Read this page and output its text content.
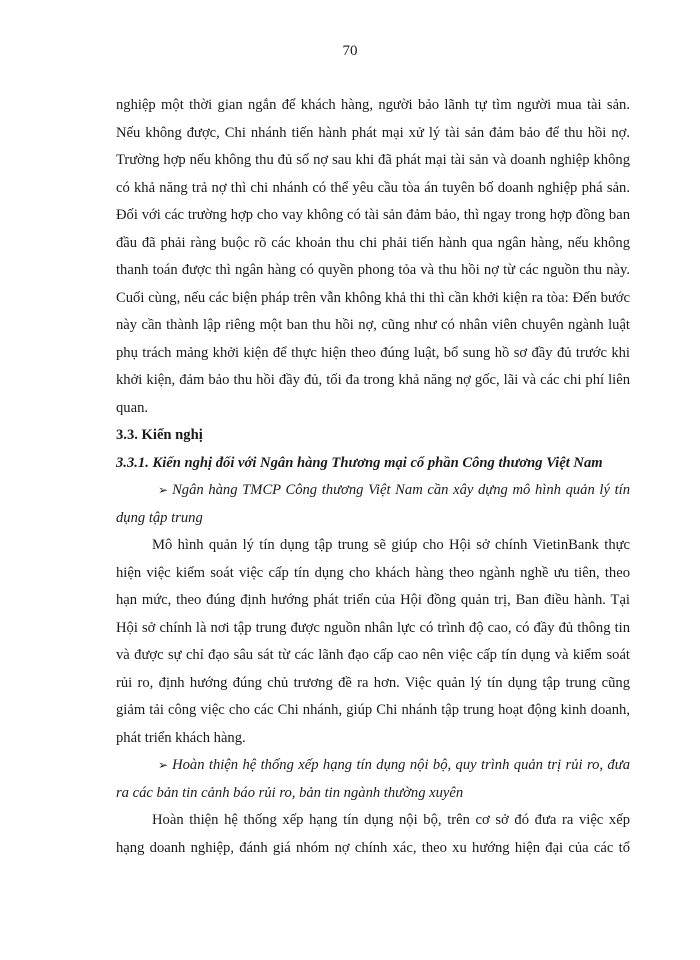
70
nghiệp một thời gian ngắn để khách hàng, người bảo lãnh tự tìm người mua tài sản.
Nếu không được, Chi nhánh tiến hành phát mại xử lý tài sản đảm bảo để thu hồi nợ.
Trường hợp nếu không thu đủ số nợ sau khi đã phát mại tài sản và doanh nghiệp không
có khả năng trả nợ thì chi nhánh có thể yêu cầu tòa án tuyên bố doanh nghiệp phá sản.
Đối với các trường hợp cho vay không có tài sản đảm bảo, thì ngay trong hợp đồng ban
đầu đã phải ràng buộc rõ các khoản thu chi phải tiến hành qua ngân hàng, nếu không
thanh toán được thì ngân hàng có quyền phong tỏa và thu hồi nợ từ các nguồn thu này.
Cuối cùng, nếu các biện pháp trên vẫn không khả thi thì cần khởi kiện ra tòa: Đến bước
này cần thành lập riêng một ban thu hồi nợ, cũng như có nhân viên chuyên ngành luật
phụ trách mảng khởi kiện để thực hiện theo đúng luật, bổ sung hồ sơ đầy đủ trước khi
khởi kiện, đảm bảo thu hồi đầy đủ, tối đa trong khả năng nợ gốc, lãi và các chi phí liên
quan.
3.3. Kiến nghị
3.3.1. Kiến nghị đối với Ngân hàng Thương mại cổ phần Công thương Việt Nam
➢ Ngân hàng TMCP Công thương Việt Nam cần xây dựng mô hình quản lý tín
dụng tập trung
Mô hình quản lý tín dụng tập trung sẽ giúp cho Hội sở chính VietinBank thực
hiện việc kiểm soát việc cấp tín dụng cho khách hàng theo ngành nghề ưu tiên, theo
hạn mức, theo đúng định hướng phát triển của Hội đồng quản trị, Ban điều hành. Tại
Hội sở chính là nơi tập trung được nguồn nhân lực có trình độ cao, có đầy đủ thông tin
và được sự chỉ đạo sâu sát từ các lãnh đạo cấp cao nên việc cấp tín dụng và kiểm soát
rủi ro, định hướng đúng chủ trương đề ra hơn. Việc quản lý tín dụng tập trung cũng
giảm tải công việc cho các Chi nhánh, giúp Chi nhánh tập trung hoạt động kinh doanh,
phát triển khách hàng.
➢ Hoàn thiện hệ thống xếp hạng tín dụng nội bộ, quy trình quản trị rủi ro, đưa
ra các bản tin cảnh báo rủi ro, bản tin ngành thường xuyên
Hoàn thiện hệ thống xếp hạng tín dụng nội bộ, trên cơ sở đó đưa ra việc xếp
hạng doanh nghiệp, đánh giá nhóm nợ chính xác, theo xu hướng hiện đại của các tổ
